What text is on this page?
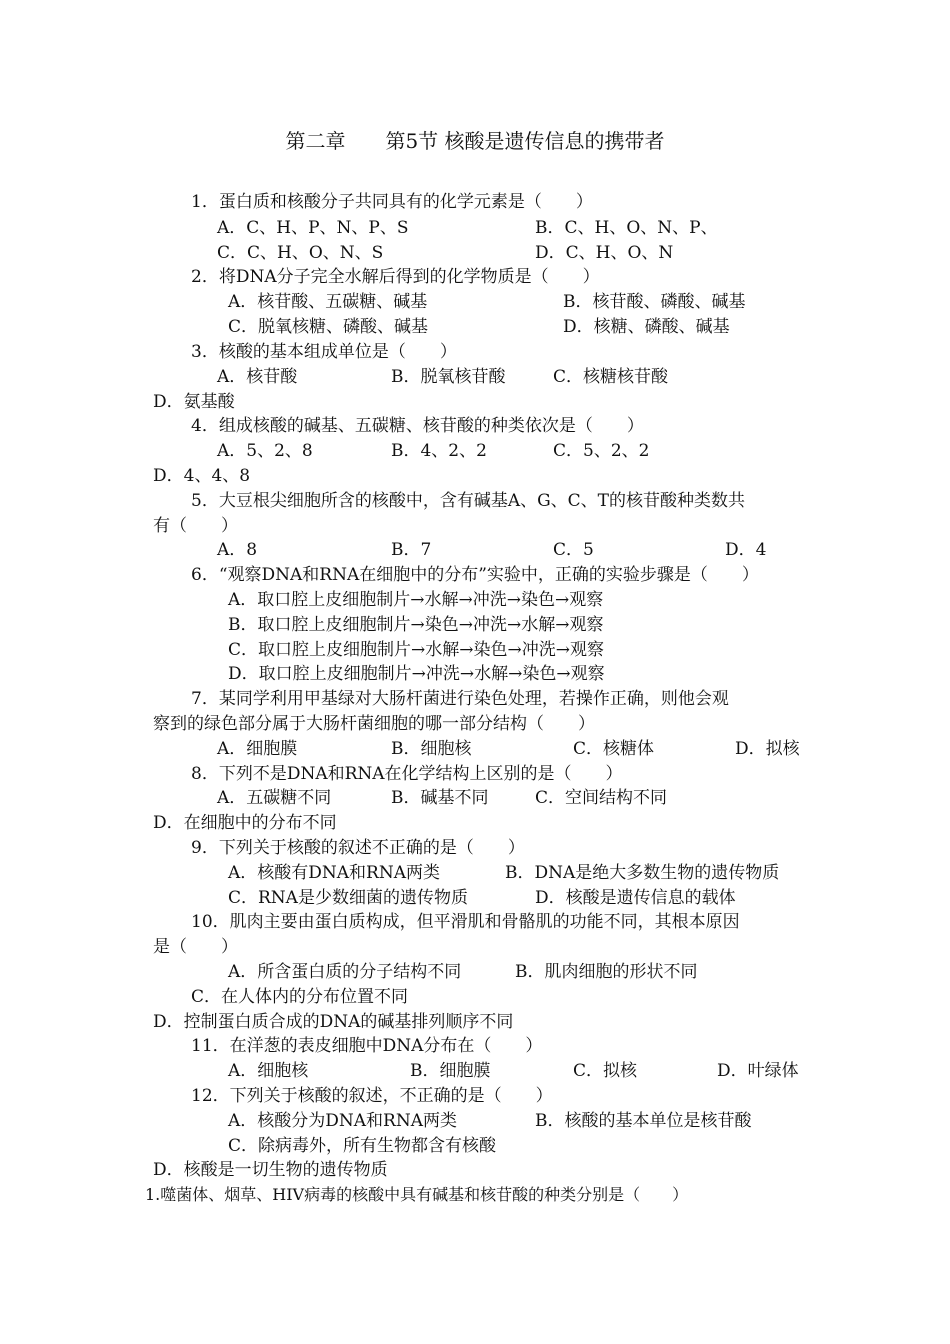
第二章　　第5节 核酸是遗传信息的携带者
1．蛋白质和核酸分子共同具有的化学元素是（　　）
A．C、H、P、N、P、S	B．C、H、O、N、P、
C．C、H、O、N、S	D．C、H、O、N
2．将DNA分子完全水解后得到的化学物质是（　　）
A．核苷酸、五碳糖、碱基	B．核苷酸、磷酸、碱基
C．脱氧核糖、磷酸、碱基	D．核糖、磷酸、碱基
3．核酸的基本组成单位是（　　）
A．核苷酸	B．脱氧核苷酸	C．核糖核苷酸
D．氨基酸
4．组成核酸的碱基、五碳糖、核苷酸的种类依次是（　　）
A．5、2、8	B．4、2、2	C．5、2、2
D．4、4、8
5．大豆根尖细胞所含的核酸中，含有碱基A、G、C、T的核苷酸种类数共
有（　　）
A．8	B．7	C．5	D．4
6．“观察DNA和RNA在细胞中的分布”实验中，正确的实验步骤是（　　）
A．取口腔上皮细胞制片→水解→冲洗→染色→观察
B．取口腔上皮细胞制片→染色→冲洗→水解→观察
C．取口腔上皮细胞制片→水解→染色→冲洗→观察
D．取口腔上皮细胞制片→冲洗→水解→染色→观察
7．某同学利用甲基绿对大肠杆菌进行染色处理，若操作正确，则他会观
察到的绿色部分属于大肠杆菌细胞的哪一部分结构（　　）
A．细胞膜	B．细胞核	C．核糖体	D．拟核
8．下列不是DNA和RNA在化学结构上区别的是（　　）
A．五碳糖不同	B．碱基不同	C．空间结构不同
D．在细胞中的分布不同
9．下列关于核酸的叙述不正确的是（　　）
A．核酸有DNA和RNA两类	B．DNA是绝大多数生物的遗传物质
C．RNA是少数细菌的遗传物质	D．核酸是遗传信息的载体
10．肌肉主要由蛋白质构成，但平滑肌和骨骼肌的功能不同，其根本原因
是（　　）
A．所含蛋白质的分子结构不同	B．肌肉细胞的形状不同
C．在人体内的分布位置不同
D．控制蛋白质合成的DNA的碱基排列顺序不同
11．在洋葱的表皮细胞中DNA分布在（　　）
A．细胞核	B．细胞膜	C．拟核	D．叶绿体
12．下列关于核酸的叙述，不正确的是（　　）
A．核酸分为DNA和RNA两类	B．核酸的基本单位是核苷酸
C．除病毒外，所有生物都含有核酸
D．核酸是一切生物的遗传物质
1.噬菌体、烟草、HIV病毒的核酸中具有碱基和核苷酸的种类分别是（　　）
